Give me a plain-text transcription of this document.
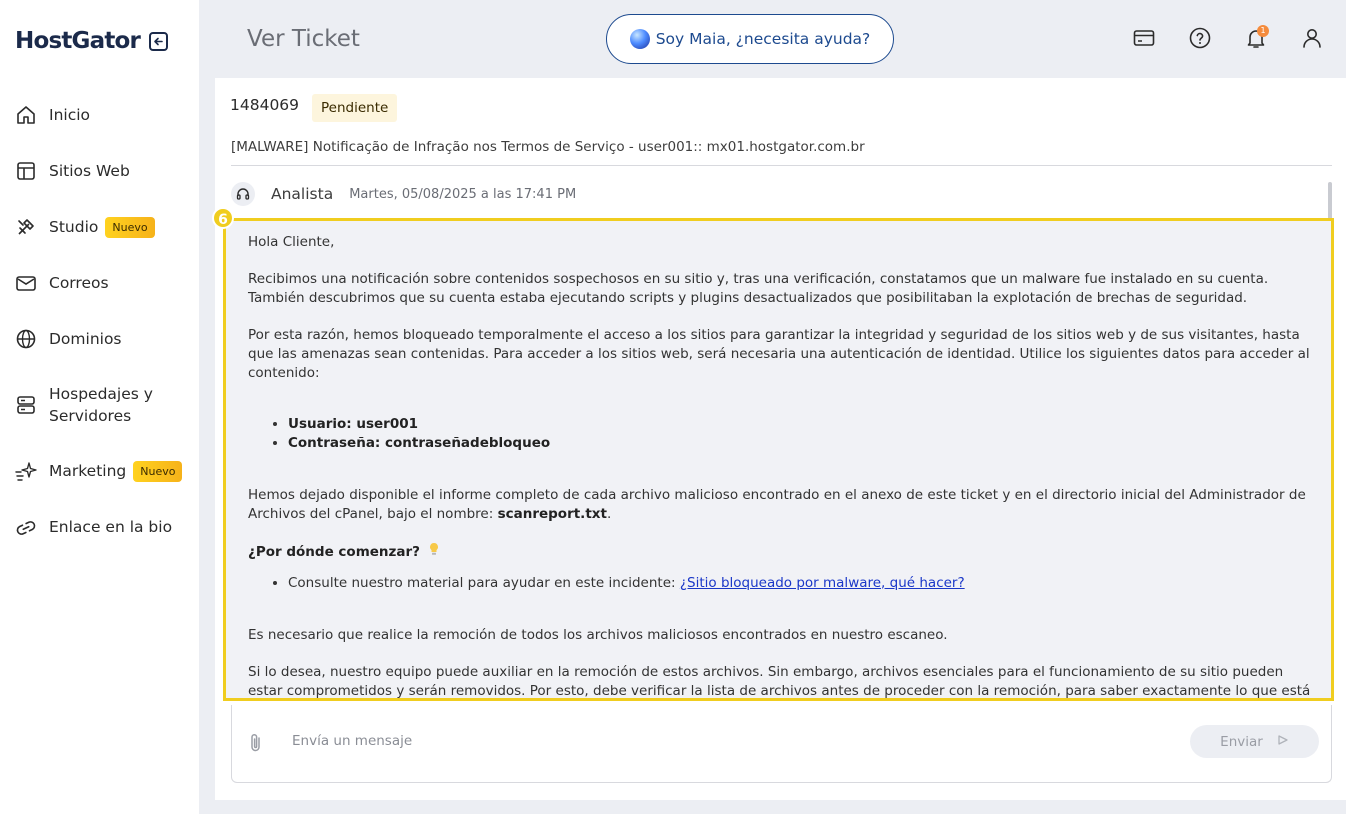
HostGator
Inicio
Sitios Web
Studio	Nuevo
Correos
Dominios
Hospedajes y
Servidores
Marketing	Nuevo
Enlace en la bio
Ver Ticket	Soy Maia, ¿necesita ayuda?	1
1484069	Pendiente
[MALWARE] Notificação de Infração nos Termos de Serviço - user001:: mx01.hostgator.com.br
Analista Martes, 05/08/2025 a las 17:41 PM

Hola Cliente,

Recibimos una notificación sobre contenidos sospechosos en su sitio y, tras una verificación, constatamos que un malware fue instalado en su cuenta.
También descubrimos que su cuenta estaba ejecutando scripts y plugins desactualizados que posibilitaban la explotación de brechas de seguridad.

Por esta razón, hemos bloqueado temporalmente el acceso a los sitios para garantizar la integridad y seguridad de los sitios web y de sus visitantes, hasta que las amenazas sean contenidas. Para acceder a los sitios web, será necesaria una autenticación de identidad. Utilice los siguientes datos para acceder al contenido:

• Usuario: user001
• Contraseña: contraseñadebloqueo

Hemos dejado disponible el informe completo de cada archivo malicioso encontrado en el anexo de este ticket y en el directorio inicial del Administrador de Archivos del cPanel, bajo el nombre: scanreport.txt.

¿Por dónde comenzar?

• Consulte nuestro material para ayudar en este incidente: ¿Sitio bloqueado por malware, qué hacer?

Es necesario que realice la remoción de todos los archivos maliciosos encontrados en nuestro escaneo.

Si lo desea, nuestro equipo puede auxiliar en la remoción de estos archivos. Sin embargo, archivos esenciales para el funcionamiento de su sitio pueden estar comprometidos y serán removidos. Por esto, debe verificar la lista de archivos antes de proceder con la remoción, para saber exactamente lo que está

Envía un mensaje
Enviar
6
